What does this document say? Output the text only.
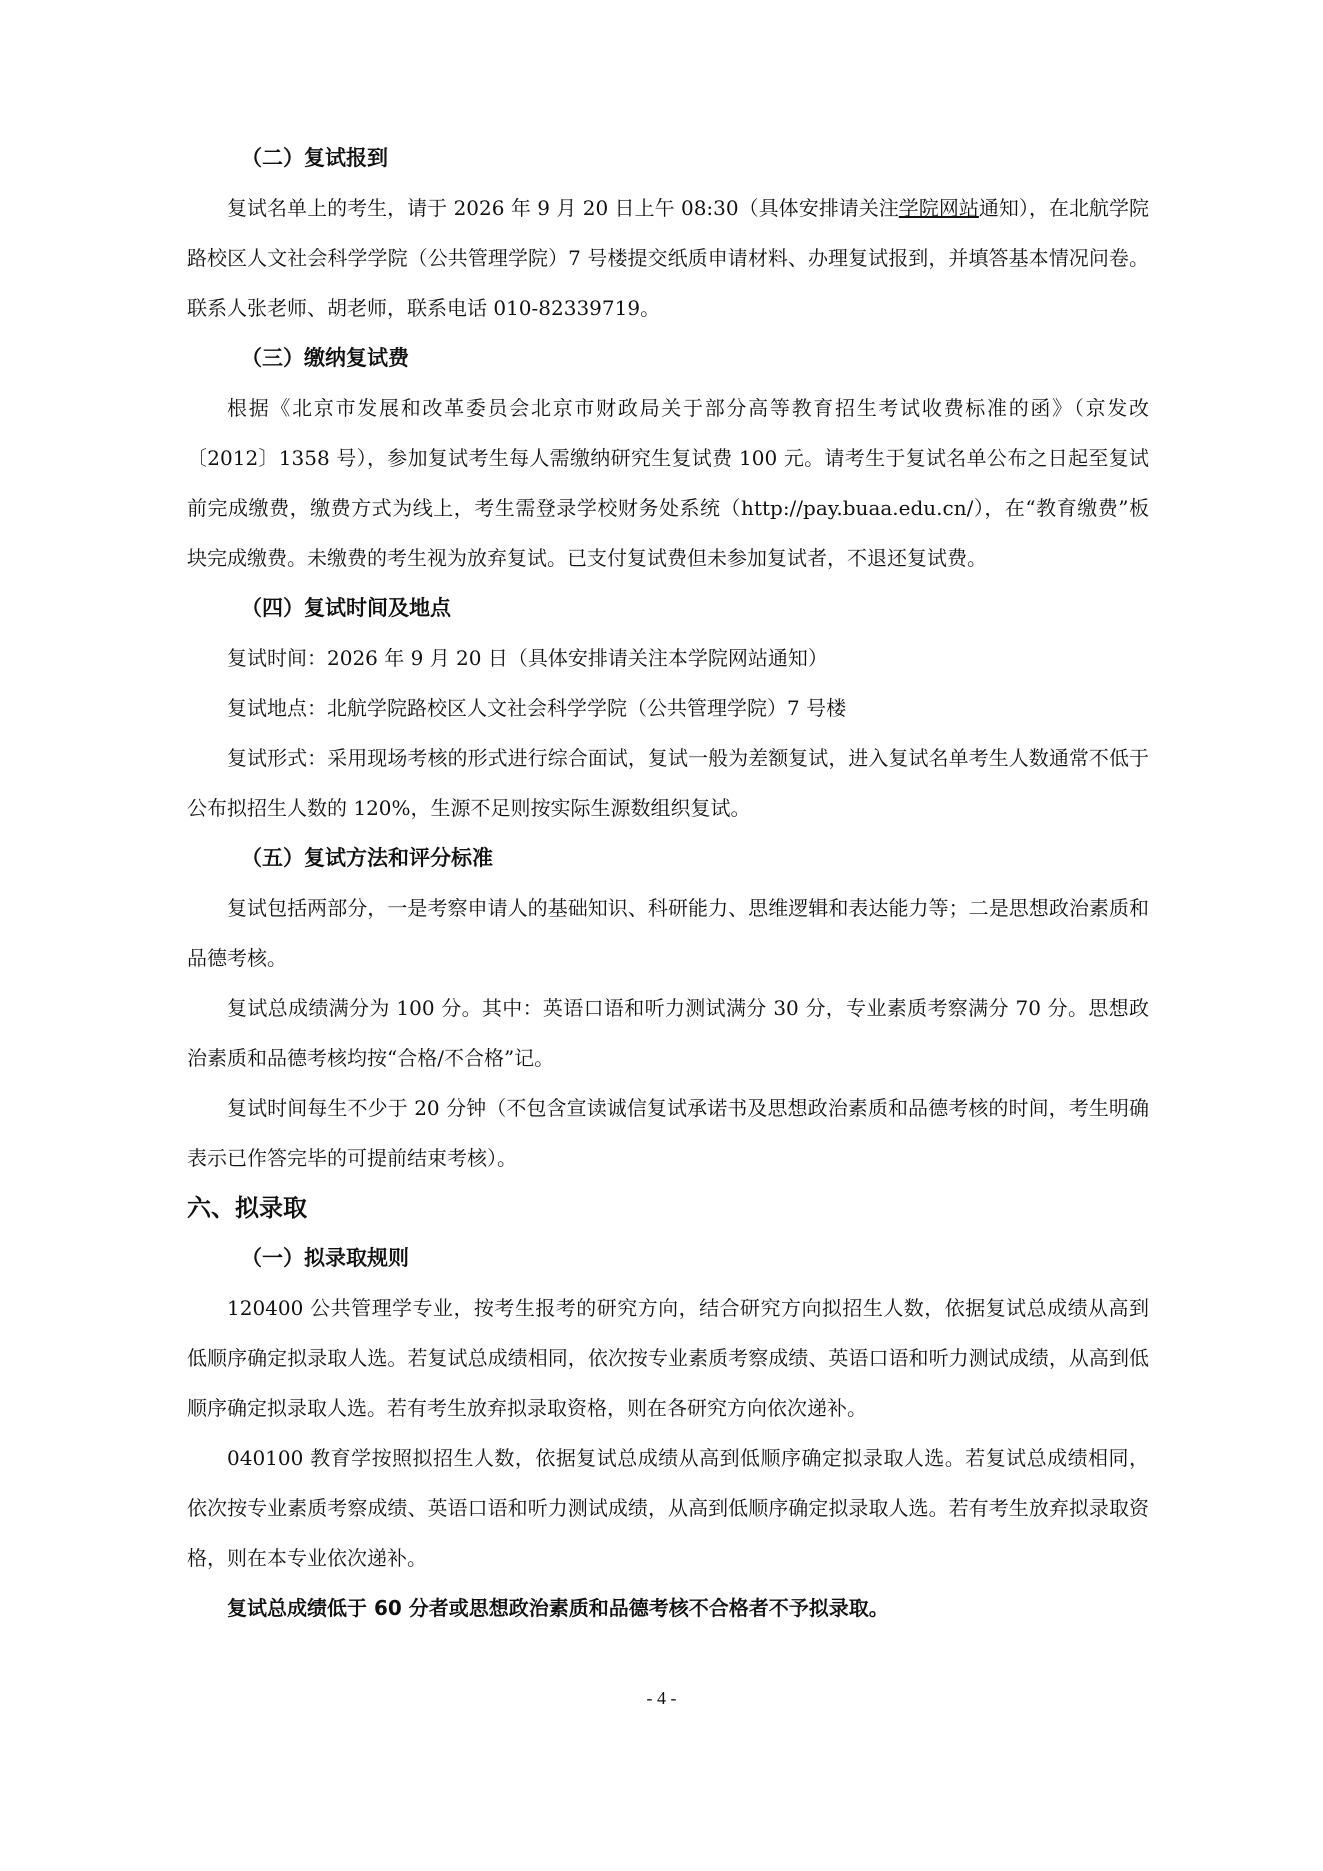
（二）复试报到
复试名单上的考生，请于 2026 年 9 月 20 日上午 08:30（具体安排请关注学院网站通知），在北航学院路校区人文社会科学学院（公共管理学院）7 号楼提交纸质申请材料、办理复试报到，并填答基本情况问卷。联系人张老师、胡老师，联系电话 010-82339719。
（三）缴纳复试费
根据《北京市发展和改革委员会北京市财政局关于部分高等教育招生考试收费标准的函》（京发改〔2012〕1358 号），参加复试考生每人需缴纳研究生复试费 100 元。请考生于复试名单公布之日起至复试前完成缴费，缴费方式为线上，考生需登录学校财务处系统（http://pay.buaa.edu.cn/），在“教育缴费”板块完成缴费。未缴费的考生视为放弃复试。已支付复试费但未参加复试者，不退还复试费。
（四）复试时间及地点
复试时间：2026 年 9 月 20 日（具体安排请关注本学院网站通知）
复试地点：北航学院路校区人文社会科学学院（公共管理学院）7 号楼
复试形式：采用现场考核的形式进行综合面试，复试一般为差额复试，进入复试名单考生人数通常不低于公布拟招生人数的 120%，生源不足则按实际生源数组织复试。
（五）复试方法和评分标准
复试包括两部分，一是考察申请人的基础知识、科研能力、思维逻辑和表达能力等；二是思想政治素质和品德考核。
复试总成绩满分为 100 分。其中：英语口语和听力测试满分 30 分，专业素质考察满分 70 分。思想政治素质和品德考核均按“合格/不合格”记。
复试时间每生不少于 20 分钟（不包含宣读诚信复试承诺书及思想政治素质和品德考核的时间，考生明确表示已作答完毕的可提前结束考核）。
六、拟录取
（一）拟录取规则
120400 公共管理学专业，按考生报考的研究方向，结合研究方向拟招生人数，依据复试总成绩从高到低顺序确定拟录取人选。若复试总成绩相同，依次按专业素质考察成绩、英语口语和听力测试成绩，从高到低顺序确定拟录取人选。若有考生放弃拟录取资格，则在各研究方向依次递补。
040100 教育学按照拟招生人数，依据复试总成绩从高到低顺序确定拟录取人选。若复试总成绩相同，依次按专业素质考察成绩、英语口语和听力测试成绩，从高到低顺序确定拟录取人选。若有考生放弃拟录取资格，则在本专业依次递补。
复试总成绩低于 60 分者或思想政治素质和品德考核不合格者不予拟录取。
- 4 -
